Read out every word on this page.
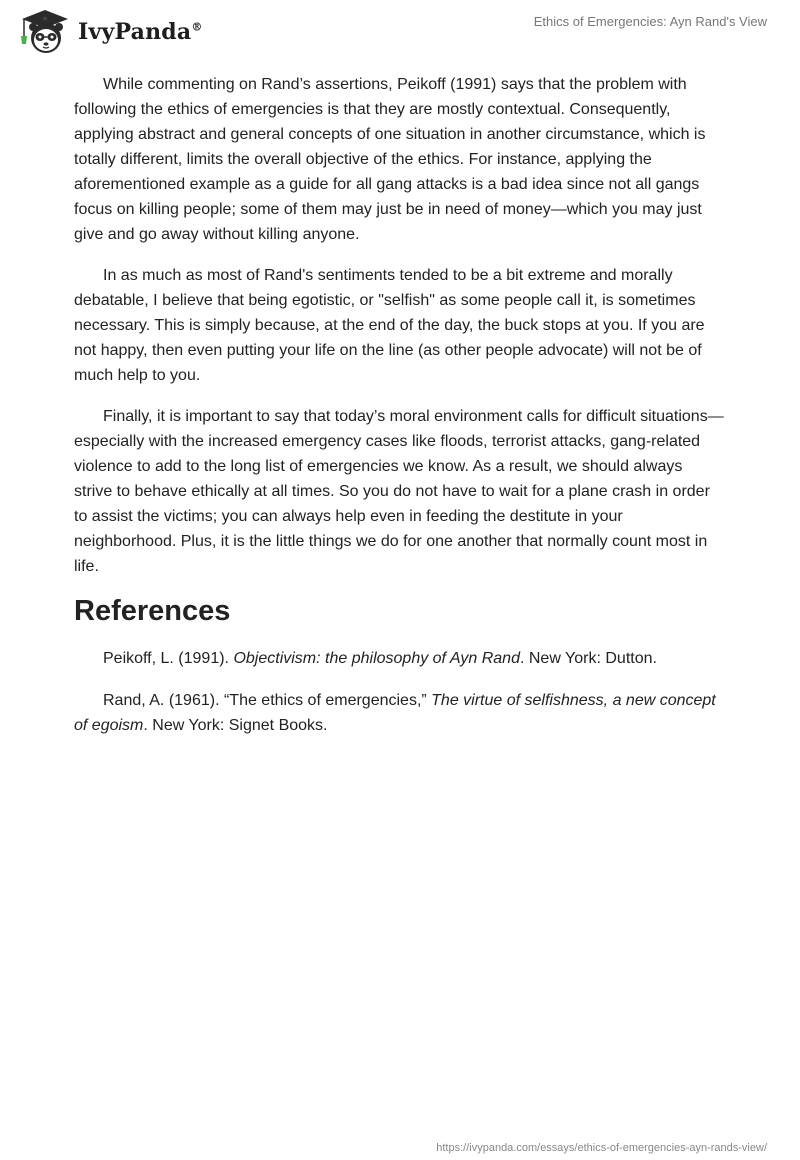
IvyPanda®	Ethics of Emergencies: Ayn Rand's View

While commenting on Rand’s assertions, Peikoff (1991) says that the problem with following the ethics of emergencies is that they are mostly contextual. Consequently, applying abstract and general concepts of one situation in another circumstance, which is totally different, limits the overall objective of the ethics. For instance, applying the aforementioned example as a guide for all gang attacks is a bad idea since not all gangs focus on killing people; some of them may just be in need of money—which you may just give and go away without killing anyone.

In as much as most of Rand's sentiments tended to be a bit extreme and morally debatable, I believe that being egotistic, or "selfish" as some people call it, is sometimes necessary. This is simply because, at the end of the day, the buck stops at you. If you are not happy, then even putting your life on the line (as other people advocate) will not be of much help to you.

Finally, it is important to say that today’s moral environment calls for difficult situations—especially with the increased emergency cases like floods, terrorist attacks, gang-related violence to add to the long list of emergencies we know. As a result, we should always strive to behave ethically at all times. So you do not have to wait for a plane crash in order to assist the victims; you can always help even in feeding the destitute in your neighborhood. Plus, it is the little things we do for one another that normally count most in life.

References

Peikoff, L. (1991). Objectivism: the philosophy of Ayn Rand. New York: Dutton.

Rand, A. (1961). “The ethics of emergencies,” The virtue of selfishness, a new concept of egoism. New York: Signet Books.

https://ivypanda.com/essays/ethics-of-emergencies-ayn-rands-view/
